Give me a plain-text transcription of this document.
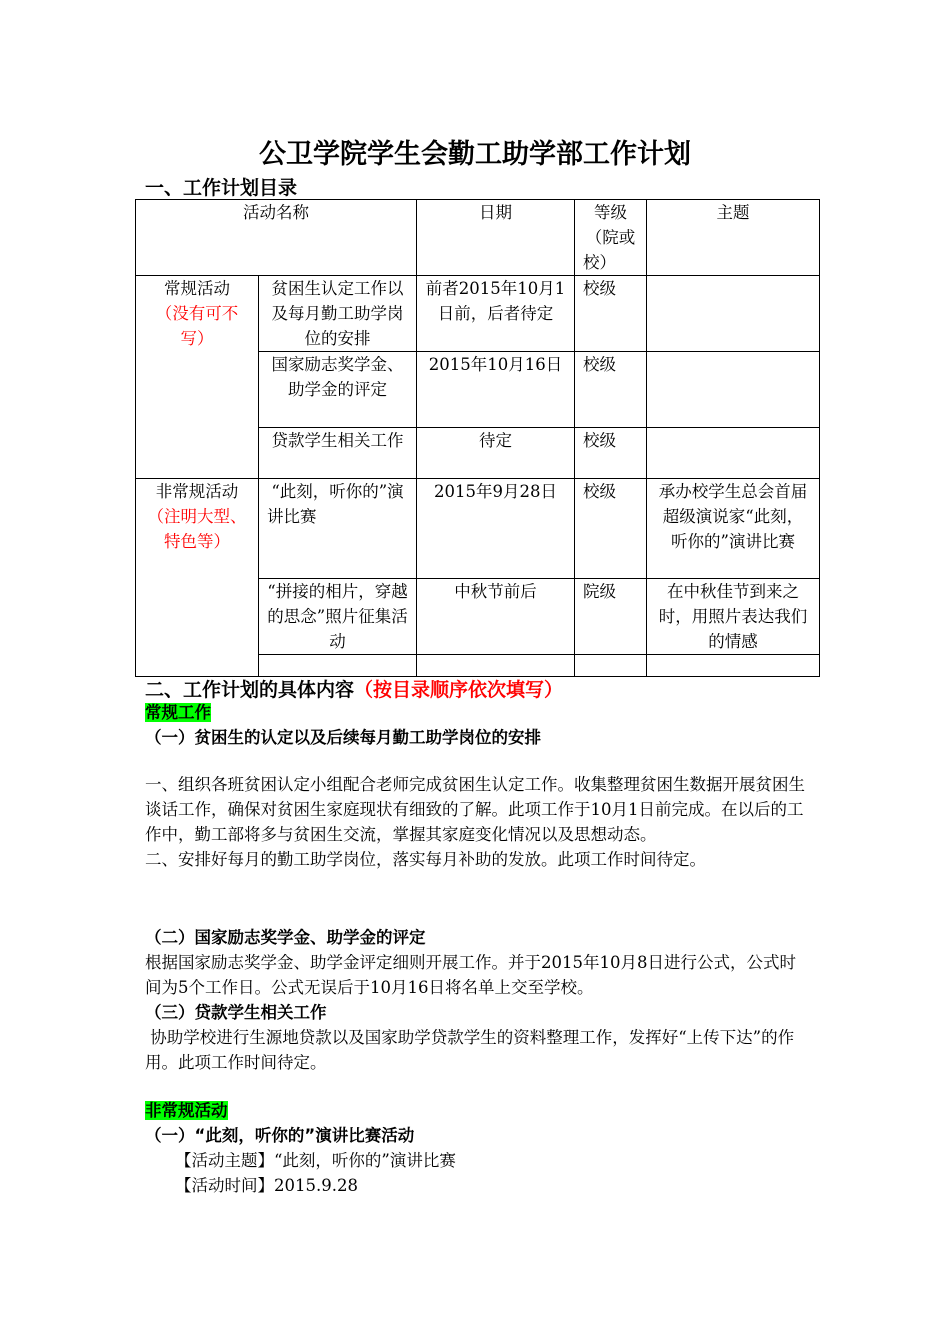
公卫学院学生会勤工助学部工作计划
一、工作计划目录
活动名称		日期	等级（院或校）	主题
常规活动
（没有可不写）	贫困生认定工作以及每月勤工助学岗位的安排	前者2015年10月1日前，后者待定	校级	
	国家励志奖学金、助学金的评定	2015年10月16日	校级	
	贷款学生相关工作	待定	校级	
非常规活动
（注明大型、特色等）	“此刻，听你的”演讲比赛	2015年9月28日	校级	承办校学生总会首届超级演说家“此刻，听你的”演讲比赛
	“拼接的相片，穿越的思念”照片征集活动	中秋节前后	院级	在中秋佳节到来之时，用照片表达我们的情感

二、工作计划的具体内容（按目录顺序依次填写）
常规工作
（一）贫困生的认定以及后续每月勤工助学岗位的安排
一、组织各班贫困认定小组配合老师完成贫困生认定工作。收集整理贫困生数据开展贫困生谈话工作，确保对贫困生家庭现状有细致的了解。此项工作于10月1日前完成。在以后的工作中，勤工部将多与贫困生交流，掌握其家庭变化情况以及思想动态。
二、安排好每月的勤工助学岗位，落实每月补助的发放。此项工作时间待定。
（二）国家励志奖学金、助学金的评定
根据国家励志奖学金、助学金评定细则开展工作。并于2015年10月8日进行公式，公式时间为5个工作日。公式无误后于10月16日将名单上交至学校。
（三）贷款学生相关工作
协助学校进行生源地贷款以及国家助学贷款学生的资料整理工作，发挥好“上传下达”的作用。此项工作时间待定。
非常规活动
（一）“此刻，听你的”演讲比赛活动
【活动主题】“此刻，听你的”演讲比赛
【活动时间】2015.9.28
